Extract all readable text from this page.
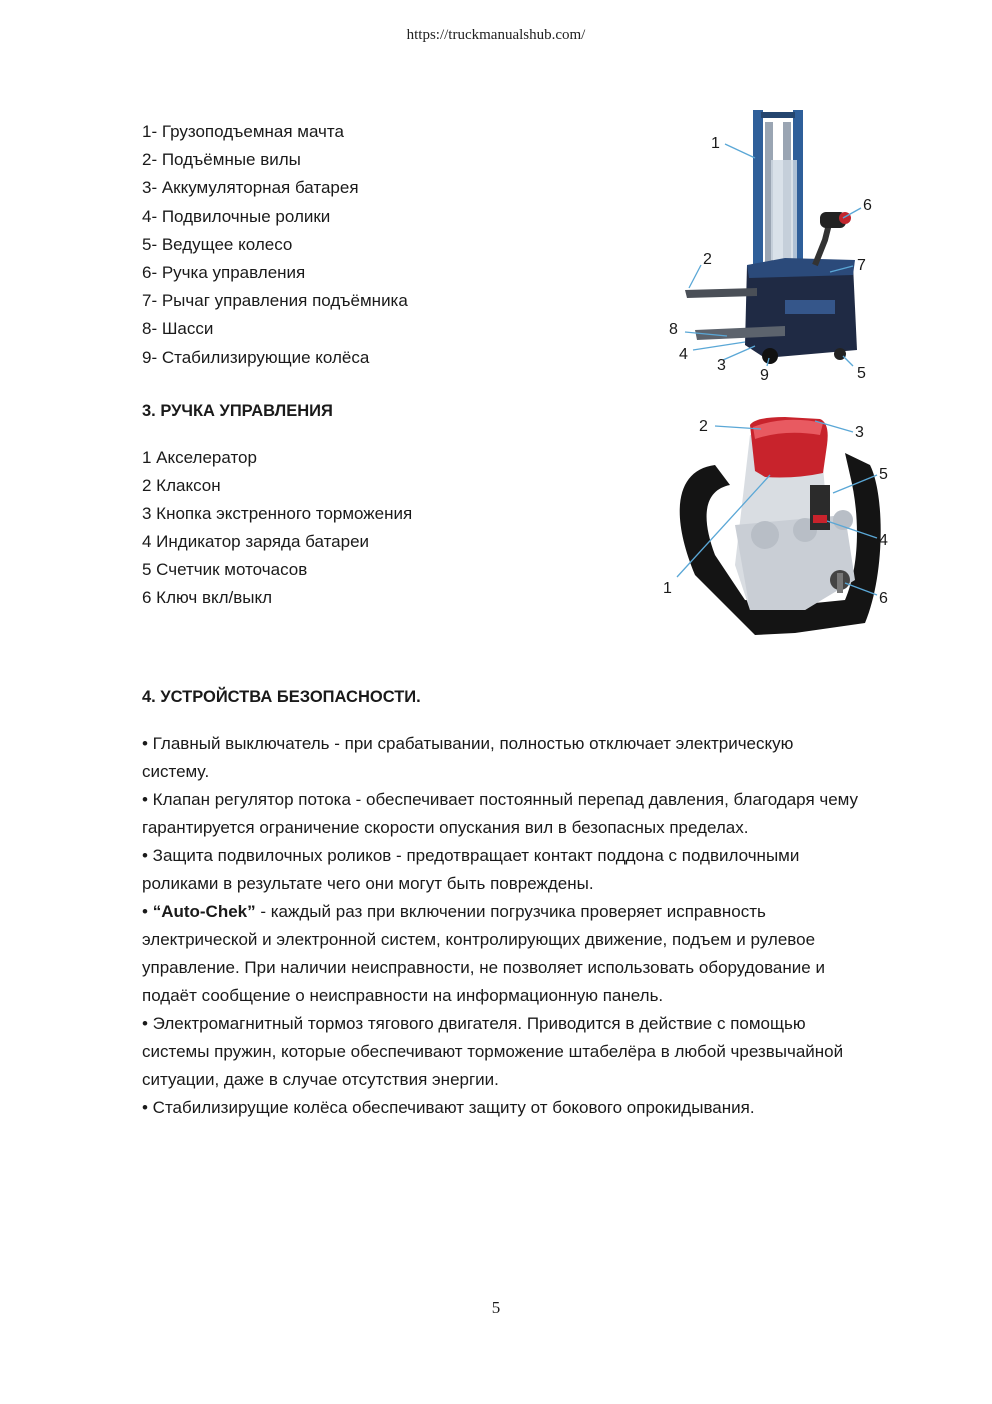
https://truckmanualshub.com/
1- Грузоподъемная мачта
2- Подъёмные вилы
3- Аккумуляторная батарея
4- Подвилочные ролики
5- Ведущее колесо
6- Ручка управления
7- Рычаг управления подъёмника
8- Шасси
9- Стабилизирующие колёса
1
6
2	7
8
4
3
9	5
3. РУЧКА УПРАВЛЕНИЯ
1 Акселератор
2 Клаксон
3 Кнопка экстренного торможения
4 Индикатор заряда батареи
5 Счетчик моточасов
6 Ключ вкл/выкл
2	3
5
4
1
6
4. УСТРОЙСТВА БЕЗОПАСНОСТИ.

• Главный выключатель - при срабатывании, полностью отключает электрическую системy.

• Клапан регулятор потока - обеспечивает постоянный перепад давления, благодаря чему гарантируется ограничение скорости опускания вил в безопасных пределах.

• Защита подвилочных роликов - предотвращает контакт поддона с подвилочными роликами в результате чего они могут быть повреждены.

• “Auto-Chek” - каждый раз при включении погрузчика проверяет исправность электрической и электронной систем, контролирующих движение, подъем и рулевое управление. При наличии неисправности, не позволяет использовать оборудование и подаёт сообщение о неисправности на информационную панель.

• Электромагнитный тормоз тягового двигателя. Приводится в действие с помощью системы пружин, которые обеспечивают торможение штабелёра в любой чрезвычайной ситуации, даже в случае отсутствия энергии.

• Стабилизирущие колёса обеспечивают защиту от бокового опрокидывания.

5
